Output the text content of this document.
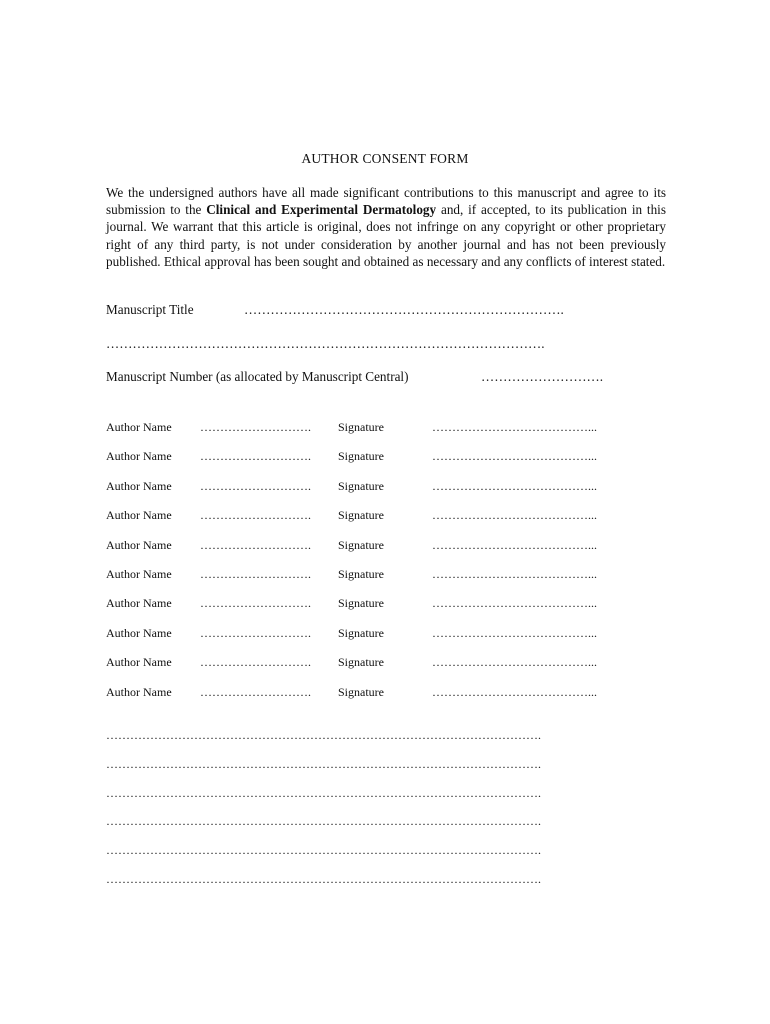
AUTHOR CONSENT FORM
We the undersigned authors have all made significant contributions to this manuscript and agree to its submission to the Clinical and Experimental Dermatology and, if accepted, to its publication in this journal. We warrant that this article is original, does not infringe on any copyright or other proprietary right of any third party, is not under consideration by another journal and has not been previously published. Ethical approval has been sought and obtained as necessary and any conflicts of interest stated.
Manuscript Title	……………………………………………………………….
……………………………………………………………………………………….
Manuscript Number (as allocated by Manuscript Central)	……………………….
Author Name ………………………. Signature	…………………………………...
Author Name ………………………. Signature	…………………………………...
Author Name ………………………. Signature	…………………………………...
Author Name ………………………. Signature	…………………………………...
Author Name ………………………. Signature	…………………………………...
Author Name ………………………. Signature	…………………………………...
Author Name ………………………. Signature	…………………………………...
Author Name ………………………. Signature	…………………………………...
Author Name ………………………. Signature	…………………………………...
Author Name ………………………. Signature	…………………………………...
……………………………………………………………………………………………….
……………………………………………………………………………………………….
……………………………………………………………………………………………….
……………………………………………………………………………………………….
……………………………………………………………………………………………….
……………………………………………………………………………………………….
